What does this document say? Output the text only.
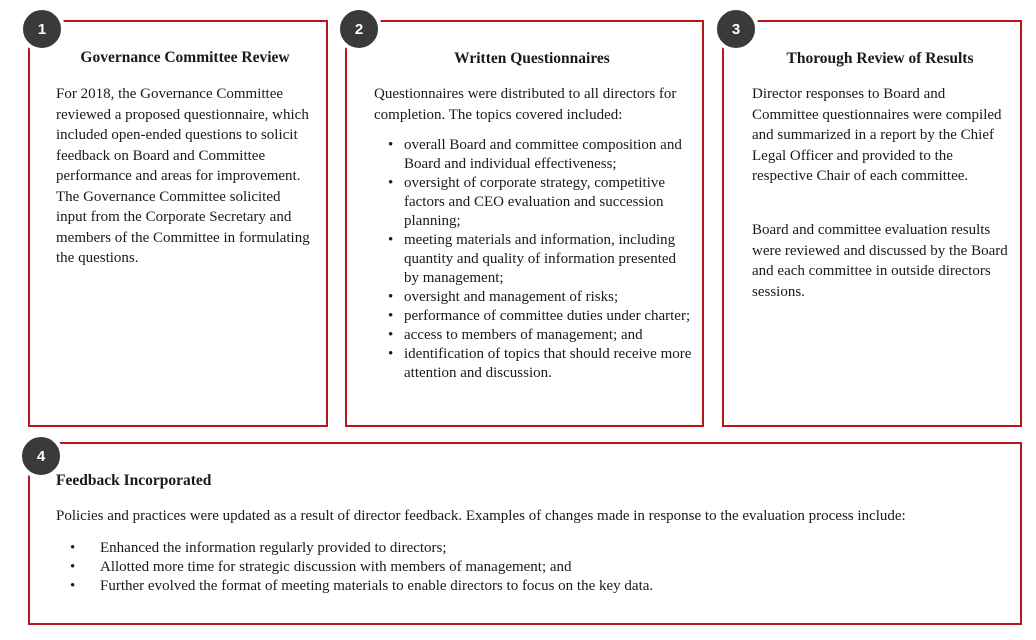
Governance Committee Review
For 2018, the Governance Committee reviewed a proposed questionnaire, which included open-ended questions to solicit feedback on Board and Committee performance and areas for improvement. The Governance Committee solicited input from the Corporate Secretary and members of the Committee in formulating the questions.
1
Written Questionnaires
Questionnaires were distributed to all directors for completion. The topics covered included:
• overall Board and committee composition and Board and individual effectiveness;
• oversight of corporate strategy, competitive factors and CEO evaluation and succession planning;
• meeting materials and information, including quantity and quality of information presented by management;
• oversight and management of risks;
• performance of committee duties under charter;
• access to members of management; and
• identification of topics that should receive more attention and discussion.
2
Thorough Review of Results
Director responses to Board and Committee questionnaires were compiled and summarized in a report by the Chief Legal Officer and provided to the respective Chair of each committee.
Board and committee evaluation results were reviewed and discussed by the Board and each committee in outside directors sessions.
3
Feedback Incorporated
Policies and practices were updated as a result of director feedback. Examples of changes made in response to the evaluation process include:
• Enhanced the information regularly provided to directors;
• Allotted more time for strategic discussion with members of management; and
• Further evolved the format of meeting materials to enable directors to focus on the key data.
4
